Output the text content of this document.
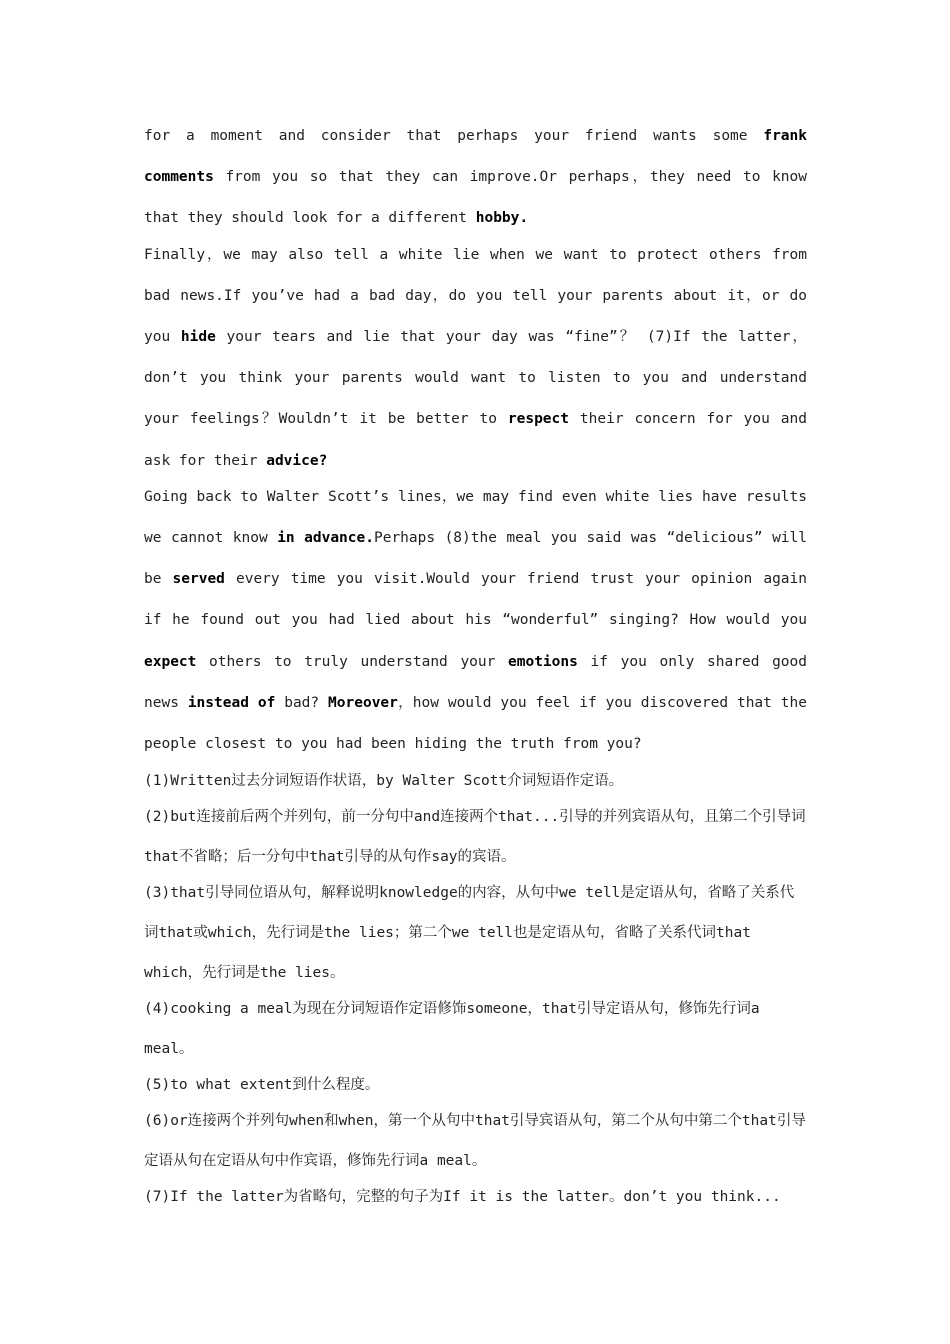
for a moment and consider that perhaps your friend wants some frank comments from you so that they can improve.Or perhaps，they need to know that they should look for a different hobby.

Finally，we may also tell a white lie when we want to protect others from bad news.If you’ve had a bad day，do you tell your parents about it，or do you hide your tears and lie that your day was “fine”？ (7)If the latter，don’t you think your parents would want to listen to you and understand your feelings？Wouldn’t it be better to respect their concern for you and ask for their advice?

Going back to Walter Scott’s lines，we may find even white lies have results we cannot know in advance.Perhaps (8)the meal you said was “delicious” will be served every time you visit.Would your friend trust your opinion again if he found out you had lied about his “wonderful” singing? How would you expect others to truly understand your emotions if you only shared good news instead of bad? Moreover，how would you feel if you discovered that the people closest to you had been hiding the truth from you?

(1)Written过去分词短语作状语，by Walter Scott介词短语作定语。

(2)but连接前后两个并列句，前一分句中and连接两个that...引导的并列宾语从句，且第二个引导词that不省略；后一分句中that引导的从句作say的宾语。

(3)that引导同位语从句，解释说明knowledge的内容，从句中we tell是定语从句，省略了关系代词that或which，先行词是the lies；第二个we tell也是定语从句，省略了关系代词that which，先行词是the lies。

(4)cooking a meal为现在分词短语作定语修饰someone，that引导定语从句，修饰先行词a meal。

(5)to what extent到什么程度。

(6)or连接两个并列句when和when，第一个从句中that引导宾语从句，第二个从句中第二个that引导定语从句在定语从句中作宾语，修饰先行词a meal。

(7)If the latter为省略句，完整的句子为If it is the latter。don’t you think...
